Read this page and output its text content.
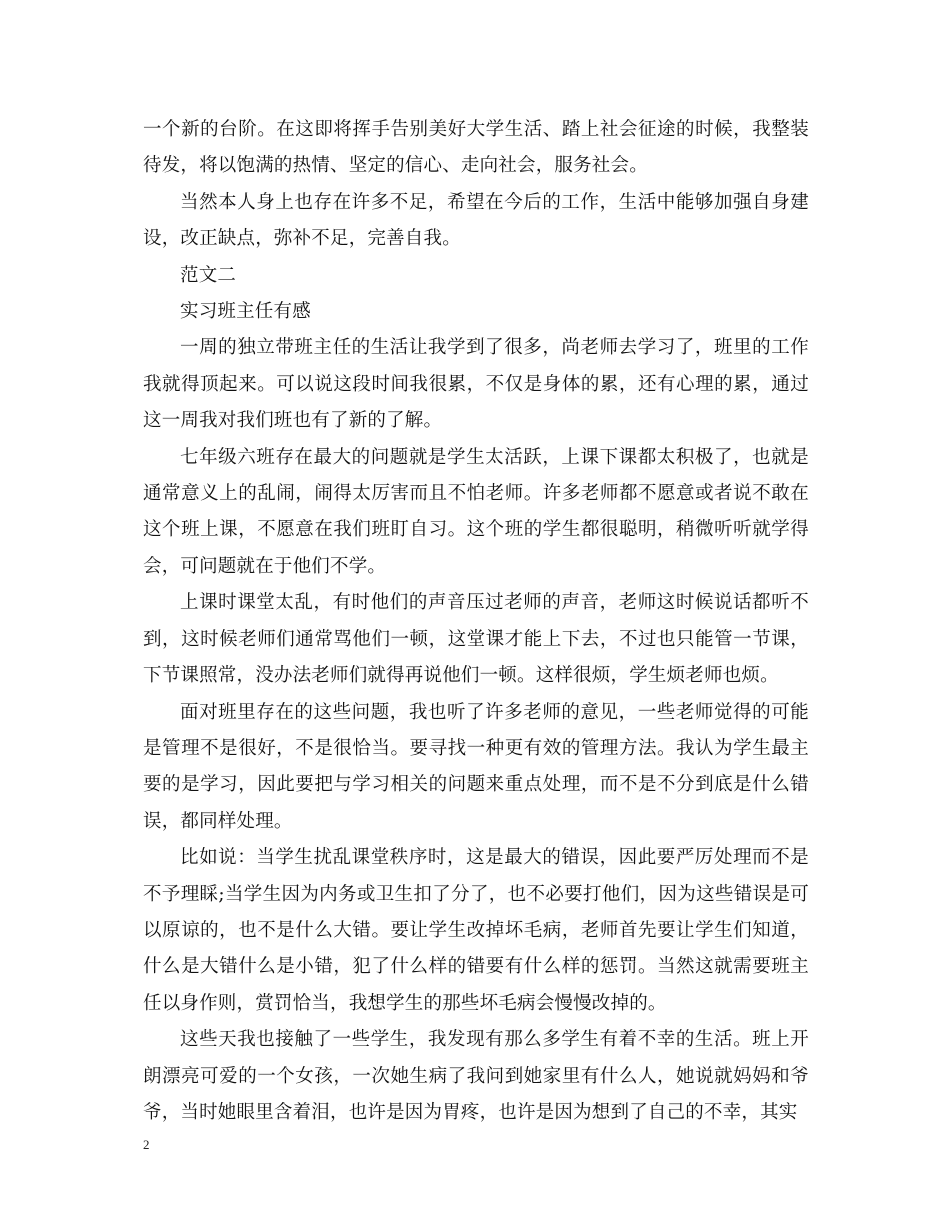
一个新的台阶。在这即将挥手告别美好大学生活、踏上社会征途的时候，我整装待发，将以饱满的热情、坚定的信心、走向社会，服务社会。

当然本人身上也存在许多不足，希望在今后的工作，生活中能够加强自身建设，改正缺点，弥补不足，完善自我。

范文二

实习班主任有感

一周的独立带班主任的生活让我学到了很多，尚老师去学习了，班里的工作我就得顶起来。可以说这段时间我很累，不仅是身体的累，还有心理的累，通过这一周我对我们班也有了新的了解。

七年级六班存在最大的问题就是学生太活跃，上课下课都太积极了，也就是通常意义上的乱闹，闹得太厉害而且不怕老师。许多老师都不愿意或者说不敢在这个班上课，不愿意在我们班盯自习。这个班的学生都很聪明，稍微听听就学得会，可问题就在于他们不学。

上课时课堂太乱，有时他们的声音压过老师的声音，老师这时候说话都听不到，这时候老师们通常骂他们一顿，这堂课才能上下去，不过也只能管一节课，下节课照常，没办法老师们就得再说他们一顿。这样很烦，学生烦老师也烦。

面对班里存在的这些问题，我也听了许多老师的意见，一些老师觉得的可能是管理不是很好，不是很恰当。要寻找一种更有效的管理方法。我认为学生最主要的是学习，因此要把与学习相关的问题来重点处理，而不是不分到底是什么错误，都同样处理。

比如说：当学生扰乱课堂秩序时，这是最大的错误，因此要严厉处理而不是不予理睬;当学生因为内务或卫生扣了分了，也不必要打他们，因为这些错误是可以原谅的，也不是什么大错。要让学生改掉坏毛病，老师首先要让学生们知道，什么是大错什么是小错，犯了什么样的错要有什么样的惩罚。当然这就需要班主任以身作则，赏罚恰当，我想学生的那些坏毛病会慢慢改掉的。

这些天我也接触了一些学生，我发现有那么多学生有着不幸的生活。班上开朗漂亮可爱的一个女孩，一次她生病了我问到她家里有什么人，她说就妈妈和爷爷，当时她眼里含着泪，也许是因为胃疼，也许是因为想到了自己的不幸，其实

2
